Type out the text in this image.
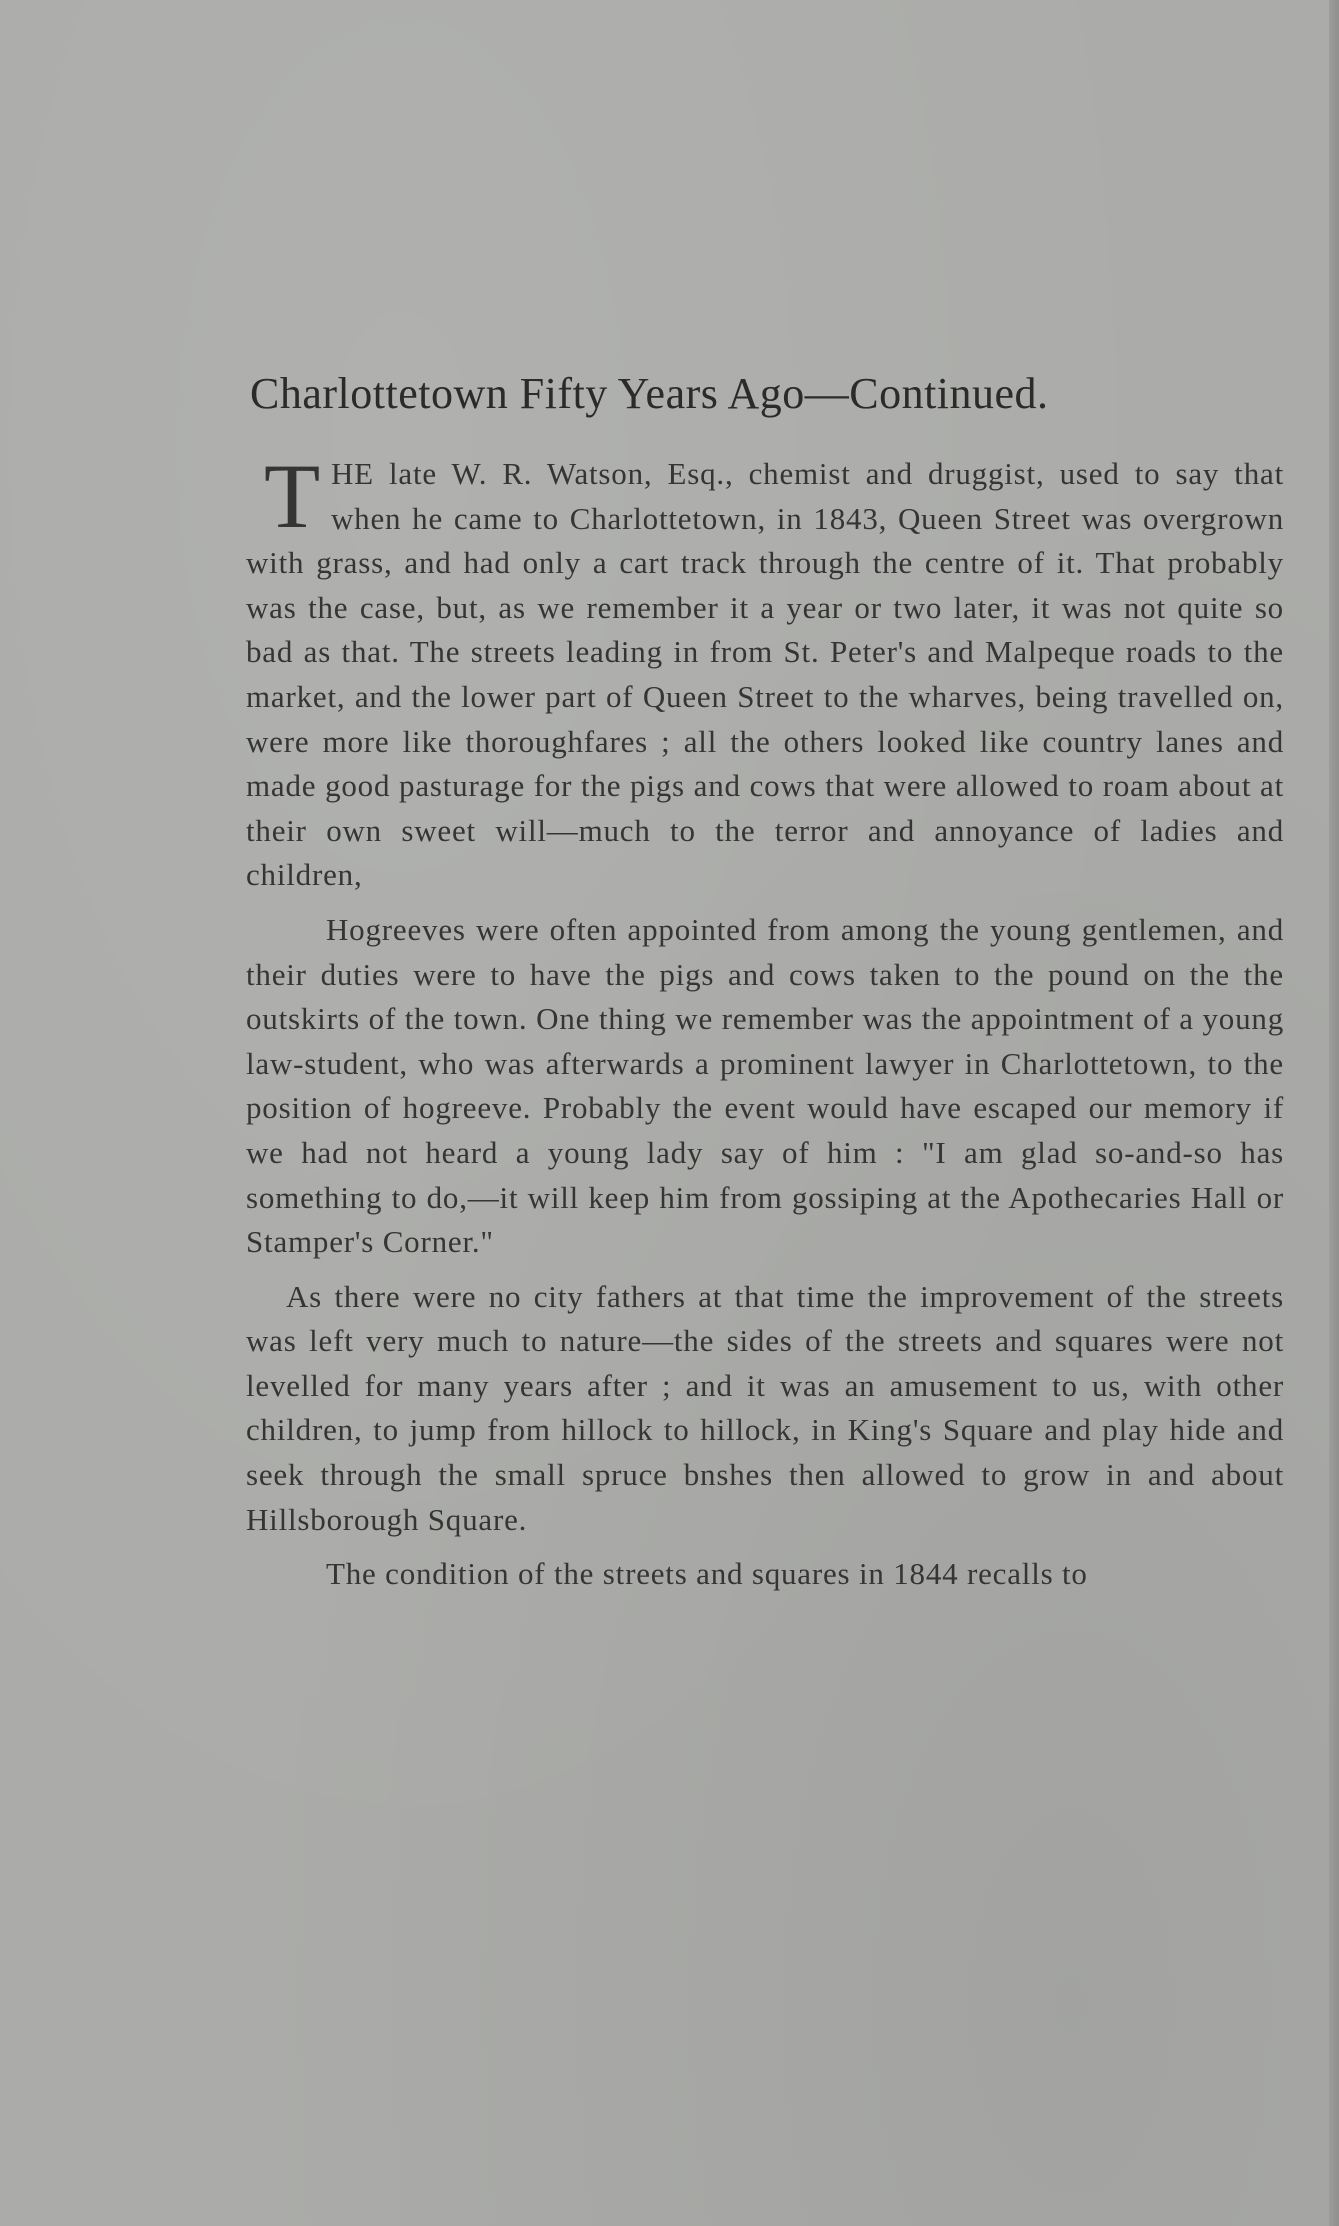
Charlottetown Fifty Years Ago—Continued.

THE late W. R. Watson, Esq., chemist and druggist, used to say that when he came to Charlottetown, in 1843, Queen Street was overgrown with grass, and had only a cart track through the centre of it. That probably was the case, but, as we remember it a year or two later, it was not quite so bad as that. The streets leading in from St. Peter's and Malpeque roads to the market, and the lower part of Queen Street to the wharves, being travelled on, were more like thoroughfares ; all the others looked like country lanes and made good pasturage for the pigs and cows that were allowed to roam about at their own sweet will—much to the terror and annoyance of ladies and children,

Hogreeves were often appointed from among the young gentlemen, and their duties were to have the pigs and cows taken to the pound on the the outskirts of the town. One thing we remember was the appointment of a young law-student, who was afterwards a prominent lawyer in Charlottetown, to the position of hogreeve. Probably the event would have escaped our memory if we had not heard a young lady say of him : "I am glad so-and-so has something to do,—it will keep him from gossiping at the Apothecaries Hall or Stamper's Corner."

As there were no city fathers at that time the improvement of the streets was left very much to nature—the sides of the streets and squares were not levelled for many years after ; and it was an amusement to us, with other children, to jump from hillock to hillock, in King's Square and play hide and seek through the small spruce bnshes then allowed to grow in and about Hillsborough Square.

The condition of the streets and squares in 1844 recalls to
